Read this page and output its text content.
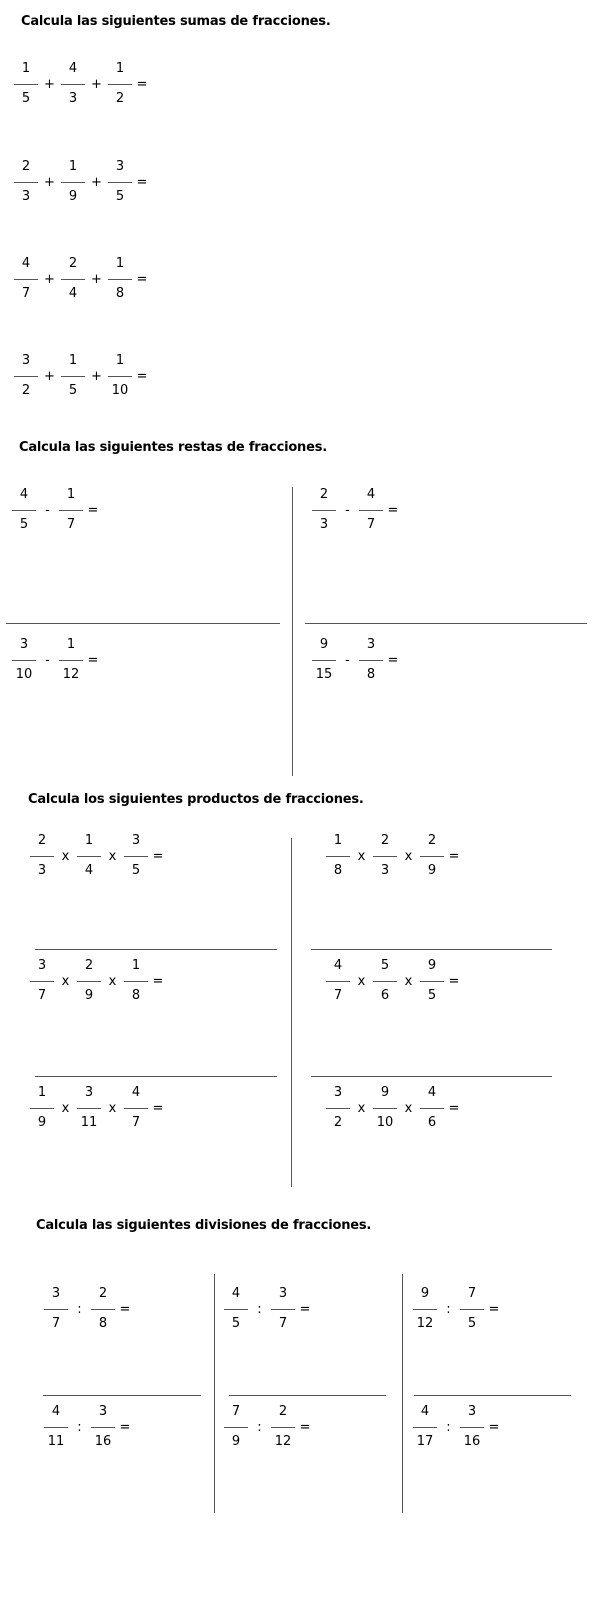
Calcula las siguientes sumas de fracciones.
Calcula las siguientes restas de fracciones.
Calcula los siguientes productos de fracciones.
Calcula las siguientes divisiones de fracciones.
$\frac{1}{5} + \frac{4}{3} + \frac{1}{2}$ =
$\frac{2}{3} + \frac{1}{9} + \frac{3}{5}$ =
$\frac{4}{7} + \frac{2}{4} + \frac{1}{8}$ =
$\frac{3}{2} + \frac{1}{5} + \frac{1}{10}$ =
$\frac{4}{5} - \frac{1}{7}$ =	$\frac{2}{3} - \frac{4}{7}$ =
$\frac{3}{10} - \frac{1}{12}$ =	$\frac{9}{15} - \frac{3}{8}$ =
$\frac{2}{3}$ x $\frac{1}{4}$ x $\frac{3}{5}$ =	$\frac{1}{8}$ x $\frac{2}{3}$ x $\frac{2}{9}$ =
$\frac{3}{7}$ x $\frac{2}{9}$ x $\frac{1}{8}$ =	$\frac{4}{7}$ x $\frac{5}{6}$ x $\frac{9}{5}$ =
$\frac{1}{9}$ x $\frac{3}{11}$ x $\frac{4}{7}$ =	$\frac{3}{2}$ x $\frac{9}{10}$ x $\frac{4}{6}$ =
$\frac{3}{7}$ : $\frac{2}{8}$ =	$\frac{4}{5}$ : $\frac{3}{7}$ =	$\frac{9}{12}$ : $\frac{7}{5}$ =
$\frac{4}{11}$ : $\frac{3}{16}$ =	$\frac{7}{9}$ : $\frac{2}{12}$ =	$\frac{4}{17}$ : $\frac{3}{16}$ =
